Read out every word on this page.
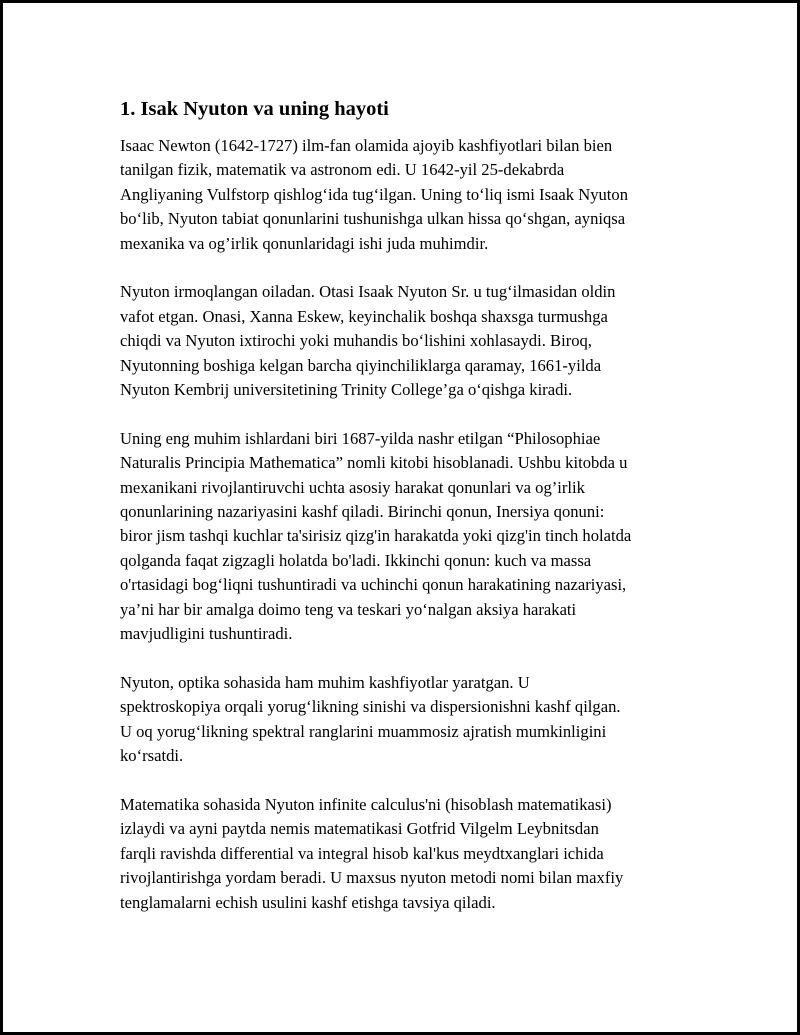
1. Isak Nyuton va uning hayoti
Isaac Newton (1642-1727) ilm-fan olamida ajoyib kashfiyotlari bilan bien
tanilgan fizik, matematik va astronom edi. U 1642-yil 25-dekabrda
Angliyaning Vulfstorp qishlog‘ida tug‘ilgan. Uning to‘liq ismi Isaak Nyuton
bo‘lib, Nyuton tabiat qonunlarini tushunishga ulkan hissa qo‘shgan, ayniqsa
mexanika va og’irlik qonunlaridagi ishi juda muhimdir.
Nyuton irmoqlangan oiladan. Otasi Isaak Nyuton Sr. u tug‘ilmasidan oldin
vafot etgan. Onasi, Xanna Eskew, keyinchalik boshqa shaxsga turmushga
chiqdi va Nyuton ixtirochi yoki muhandis bo‘lishini xohlasaydi. Biroq,
Nyutonning boshiga kelgan barcha qiyinchiliklarga qaramay, 1661-yilda
Nyuton Kembrij universitetining Trinity College’ga o‘qishga kiradi.
Uning eng muhim ishlardani biri 1687-yilda nashr etilgan “Philosophiae
Naturalis Principia Mathematica” nomli kitobi hisoblanadi. Ushbu kitobda u
mexanikani rivojlantiruvchi uchta asosiy harakat qonunlari va og’irlik
qonunlarining nazariyasini kashf qiladi. Birinchi qonun, Inersiya qonuni:
biror jism tashqi kuchlar ta'sirisiz qizg'in harakatda yoki qizg'in tinch holatda
qolganda faqat zigzagli holatda bo'ladi. Ikkinchi qonun: kuch va massa
o'rtasidagi bog‘liqni tushuntiradi va uchinchi qonun harakatining nazariyasi,
ya’ni har bir amalga doimo teng va teskari yo‘nalgan aksiya harakati
mavjudligini tushuntiradi.
Nyuton, optika sohasida ham muhim kashfiyotlar yaratgan. U
spektroskopiya orqali yorug‘likning sinishi va dispersionishni kashf qilgan.
U oq yorug‘likning spektral ranglarini muammosiz ajratish mumkinligini
ko‘rsatdi.
Matematika sohasida Nyuton infinite calculus'ni (hisoblash matematikasi)
izlaydi va ayni paytda nemis matematikasi Gotfrid Vilgelm Leybnitsdan
farqli ravishda differential va integral hisob kal'kus meydtxanglari ichida
rivojlantirishga yordam beradi. U maxsus nyuton metodi nomi bilan maxfiy
tenglamalarni echish usulini kashf etishga tavsiya qiladi.
